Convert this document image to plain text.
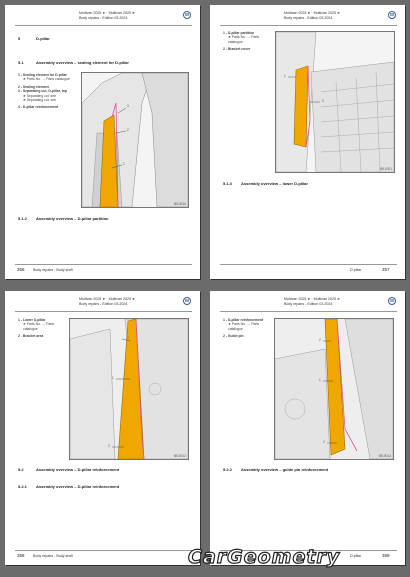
Multivan 2025 ➤ · Multivan 2025 ➤
Body repairs - Edition 03.2024
W
5	D-pillar
5.1	Assembly overview – sealing element for D-pillar
1 - Sealing element for D-pillar
➤ Parts No. → Parts catalogue
2 - Sealing element
3 - Separating cut, D-pillar, top
➤ Separating cut: see
➤ Separating cut: see
4 - D-pillar reinforcement	3
2
1
B5-0010
5.1.2 Assembly overview – D-pillar partition
356 Body repairs - Body shell
Multivan 2025 ➤ · Multivan 2025 ➤
Body repairs - Edition 03.2024
W
1 - D-pillar partition
➤ Parts No. → Parts catalogue
2 - Bracket cover
1
2
B5-0011
5.1.3 Assembly overview – lower D-pillar
D-pillar	357
Multivan 2025 ➤ · Multivan 2025 ➤
Body repairs - Edition 03.2024
W
1 - Lower D-pillar
➤ Parts No. → Parts catalogue
2 - Bracket area	2
1
2
B5-0012
5.2	Assembly overview – D-pillar reinforcement
5.2.1 Assembly overview – D-pillar reinforcement
358 Body repairs - Body shell
Multivan 2025 ➤ · Multivan 2025 ➤
Body repairs - Edition 03.2024
W
1 - D-pillar reinforcement
➤ Parts No. → Parts catalogue
2 - Guide pin
2
1
2
B5-0013
5.2.2 Assembly overview – guide pin reinforcement
D-pillar	359
CarGeometry
